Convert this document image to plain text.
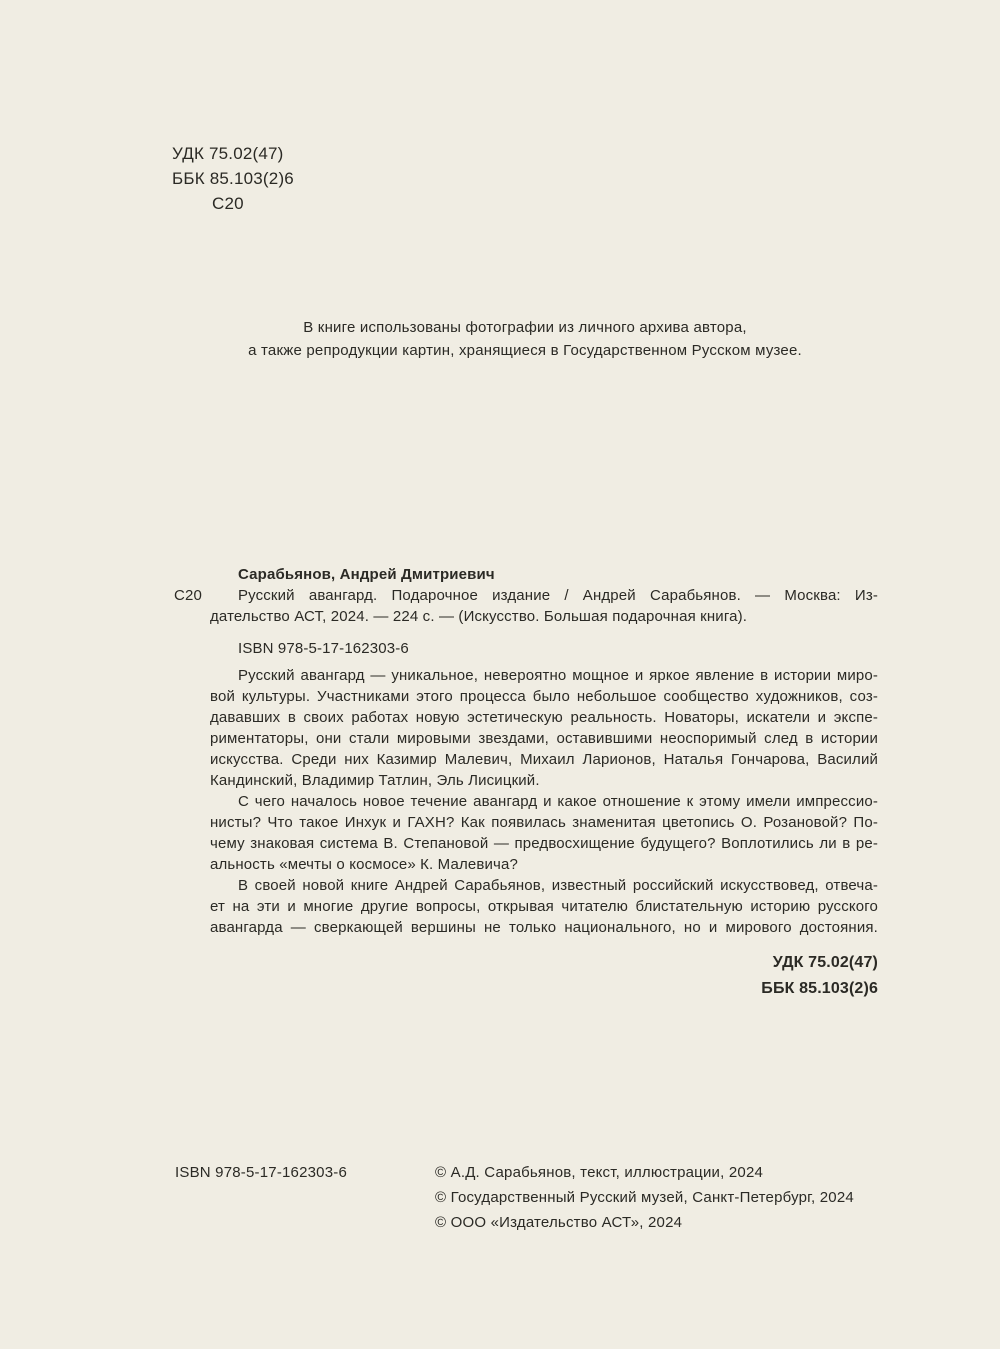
УДК 75.02(47)
ББК 85.103(2)6
С20
В книге использованы фотографии из личного архива автора,
а также репродукции картин, хранящиеся в Государственном Русском музее.
Сарабьянов, Андрей Дмитриевич
С20	Русский авангард. Подарочное издание / Андрей Сарабьянов. — Москва: Из-
дательство АСТ, 2024. — 224 с. — (Искусство. Большая подарочная книга).
ISBN 978-5-17-162303-6
Русский авангард — уникальное, невероятно мощное и яркое явление в истории миро-
вой культуры. Участниками этого процесса было небольшое сообщество художников, соз-
дававших в своих работах новую эстетическую реальность. Новаторы, искатели и экспе-
риментаторы, они стали мировыми звездами, оставившими неоспоримый след в истории
искусства. Среди них Казимир Малевич, Михаил Ларионов, Наталья Гончарова, Василий
Кандинский, Владимир Татлин, Эль Лисицкий.
С чего началось новое течение авангард и какое отношение к этому имели импрессио-
нисты? Что такое Инхук и ГАХН? Как появилась знаменитая цветопись О. Розановой? По-
чему знаковая система В. Степановой — предвосхищение будущего? Воплотились ли в ре-
альность «мечты о космосе» К. Малевича?
В своей новой книге Андрей Сарабьянов, известный российский искусствовед, отвеча-
ет на эти и многие другие вопросы, открывая читателю блистательную историю русского
авангарда — сверкающей вершины не только национального, но и мирового достояния.
УДК 75.02(47)
ББК 85.103(2)6
ISBN 978-5-17-162303-6	© А.Д. Сарабьянов, текст, иллюстрации, 2024
© Государственный Русский музей, Санкт-Петербург, 2024
© ООО «Издательство АСТ», 2024
